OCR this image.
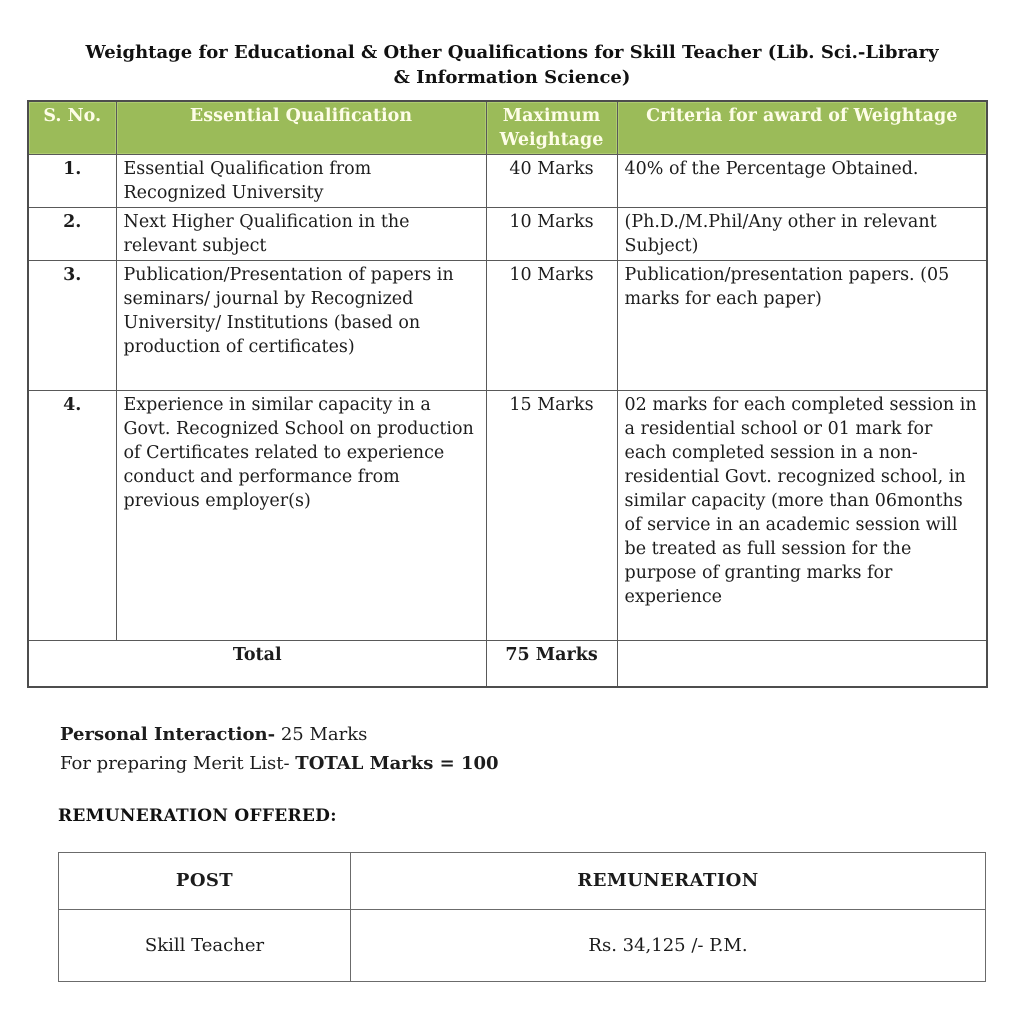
Weightage for Educational & Other Qualifications for Skill Teacher (Lib. Sci.-Library
& Information Science)
S. No.	Essential Qualification	Maximum Weightage	Criteria for award of Weightage
1.	Essential Qualification from Recognized University	40 Marks	40% of the Percentage Obtained.
2.	Next Higher Qualification in the relevant subject	10 Marks	(Ph.D./M.Phil/Any other in relevant Subject)
3.	Publication/Presentation of papers in seminars/ journal by Recognized University/ Institutions (based on production of certificates)	10 Marks	Publication/presentation papers. (05 marks for each paper)
4.	Experience in similar capacity in a Govt. Recognized School on production of Certificates related to experience conduct and performance from previous employer(s)	15 Marks	02 marks for each completed session in a residential school or 01 mark for each completed session in a non-residential Govt. recognized school, in similar capacity (more than 06months of service in an academic session will be treated as full session for the purpose of granting marks for experience
Total		75 Marks	
Personal Interaction- 25 Marks
For preparing Merit List- TOTAL Marks = 100
REMUNERATION OFFERED:
POST	REMUNERATION
Skill Teacher	Rs. 34,125 /- P.M.
